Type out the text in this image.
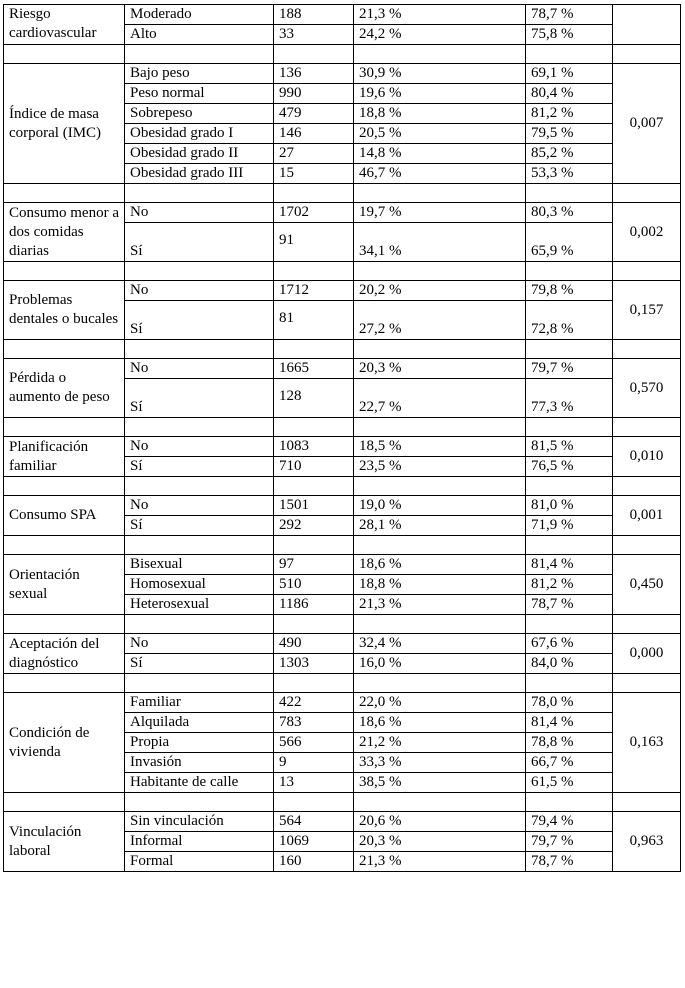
Riesgo cardiovascular	Moderado	188	21,3 %	78,7 %	
	Alto	33	24,2 %	75,8 %	

Índice de masa corporal (IMC)	Bajo peso	136	30,9 %	69,1 %	0,007
	Peso normal	990	19,6 %	80,4 %	
	Sobrepeso	479	18,8 %	81,2 %	
	Obesidad grado I	146	20,5 %	79,5 %	
	Obesidad grado II	27	14,8 %	85,2 %	
	Obesidad grado III	15	46,7 %	53,3 %	

Consumo menor a dos comidas diarias	No	1702	19,7 %	80,3 %	0,002
	Sí	91	34,1 %	65,9 %	

Problemas dentales o bucales	No	1712	20,2 %	79,8 %	0,157
	Sí	81	27,2 %	72,8 %	

Pérdida o aumento de peso	No	1665	20,3 %	79,7 %	0,570
	Sí	128	22,7 %	77,3 %	

Planificación familiar	No	1083	18,5 %	81,5 %	0,010
	Sí	710	23,5 %	76,5 %	

Consumo SPA	No	1501	19,0 %	81,0 %	0,001
	Sí	292	28,1 %	71,9 %	

Orientación sexual	Bisexual	97	18,6 %	81,4 %	0,450
	Homosexual	510	18,8 %	81,2 %	
	Heterosexual	1186	21,3 %	78,7 %	

Aceptación del diagnóstico	No	490	32,4 %	67,6 %	0,000
	Sí	1303	16,0 %	84,0 %	

Condición de vivienda	Familiar	422	22,0 %	78,0 %	0,163
	Alquilada	783	18,6 %	81,4 %	
	Propia	566	21,2 %	78,8 %	
	Invasión	9	33,3 %	66,7 %	
	Habitante de calle	13	38,5 %	61,5 %	

Vinculación laboral	Sin vinculación	564	20,6 %	79,4 %	0,963
	Informal	1069	20,3 %	79,7 %	
	Formal	160	21,3 %	78,7 %	
